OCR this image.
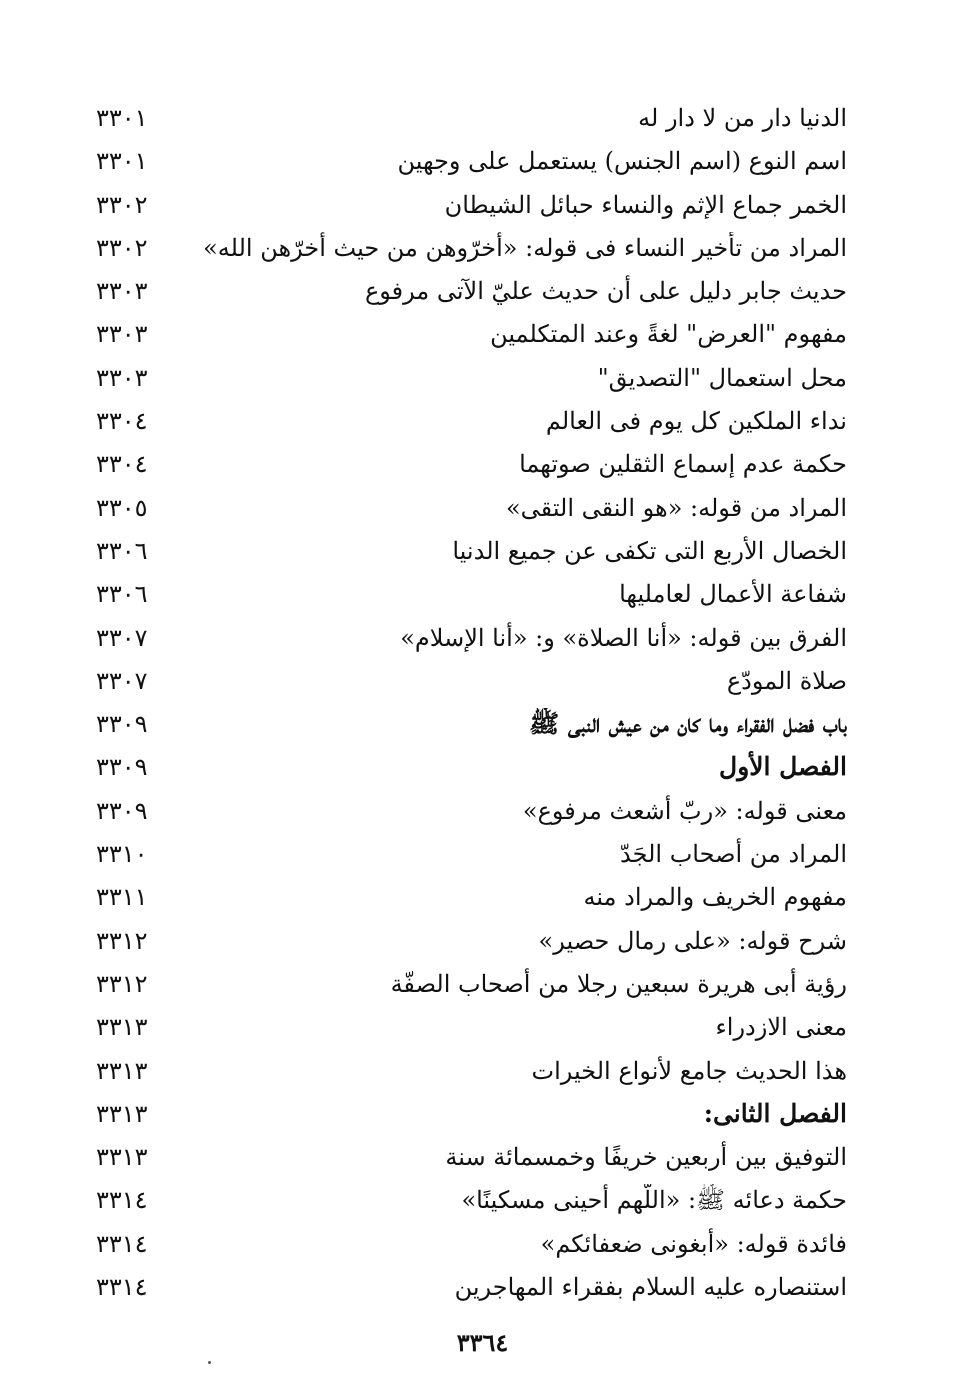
الدنيا دار من لا دار له
٣٣٠١
اسم النوع (اسم الجنس) يستعمل على وجهين
٣٣٠١
الخمر جماع الإثم والنساء حبائل الشيطان
٣٣٠٢
المراد من تأخير النساء فى قوله: «أخرّوهن من حيث أخرّهن الله»
٣٣٠٢
حديث جابر دليل على أن حديث عليّ الآتى مرفوع
٣٣٠٣
مفهوم "العرض" لغةً وعند المتكلمين
٣٣٠٣
محل استعمال "التصديق"
٣٣٠٣
نداء الملكين كل يوم فى العالم
٣٣٠٤
حكمة عدم إسماع الثقلين صوتهما
٣٣٠٤
المراد من قوله: «هو النقى التقى»
٣٣٠٥
الخصال الأربع التى تكفى عن جميع الدنيا
٣٣٠٦
شفاعة الأعمال لعامليها
٣٣٠٦
الفرق بين قوله: «أنا الصلاة» و: «أنا الإسلام»
٣٣٠٧
صلاة المودّع
٣٣٠٧
باب فضل الفقراء وما كان من عيش النبى ﷺ
٣٣٠٩
الفصل الأول
٣٣٠٩
معنى قوله: «ربّ أشعث مرفوع»
٣٣٠٩
المراد من أصحاب الجَدّ
٣٣١٠
مفهوم الخريف والمراد منه
٣٣١١
شرح قوله: «على رمال حصير»
٣٣١٢
رؤية أبى هريرة سبعين رجلا من أصحاب الصفّة
٣٣١٢
معنى الازدراء
٣٣١٣
هذا الحديث جامع لأنواع الخيرات
٣٣١٣
الفصل الثانى:
٣٣١٣
التوفيق بين أربعين خريفًا وخمسمائة سنة
٣٣١٣
حكمة دعائه ﷺ: «اللّهم أحينى مسكينًا»
٣٣١٤
فائدة قوله: «أبغونى ضعفائكم»
٣٣١٤
استنصاره عليه السلام بفقراء المهاجرين
٣٣١٤
٣٣٦٤
